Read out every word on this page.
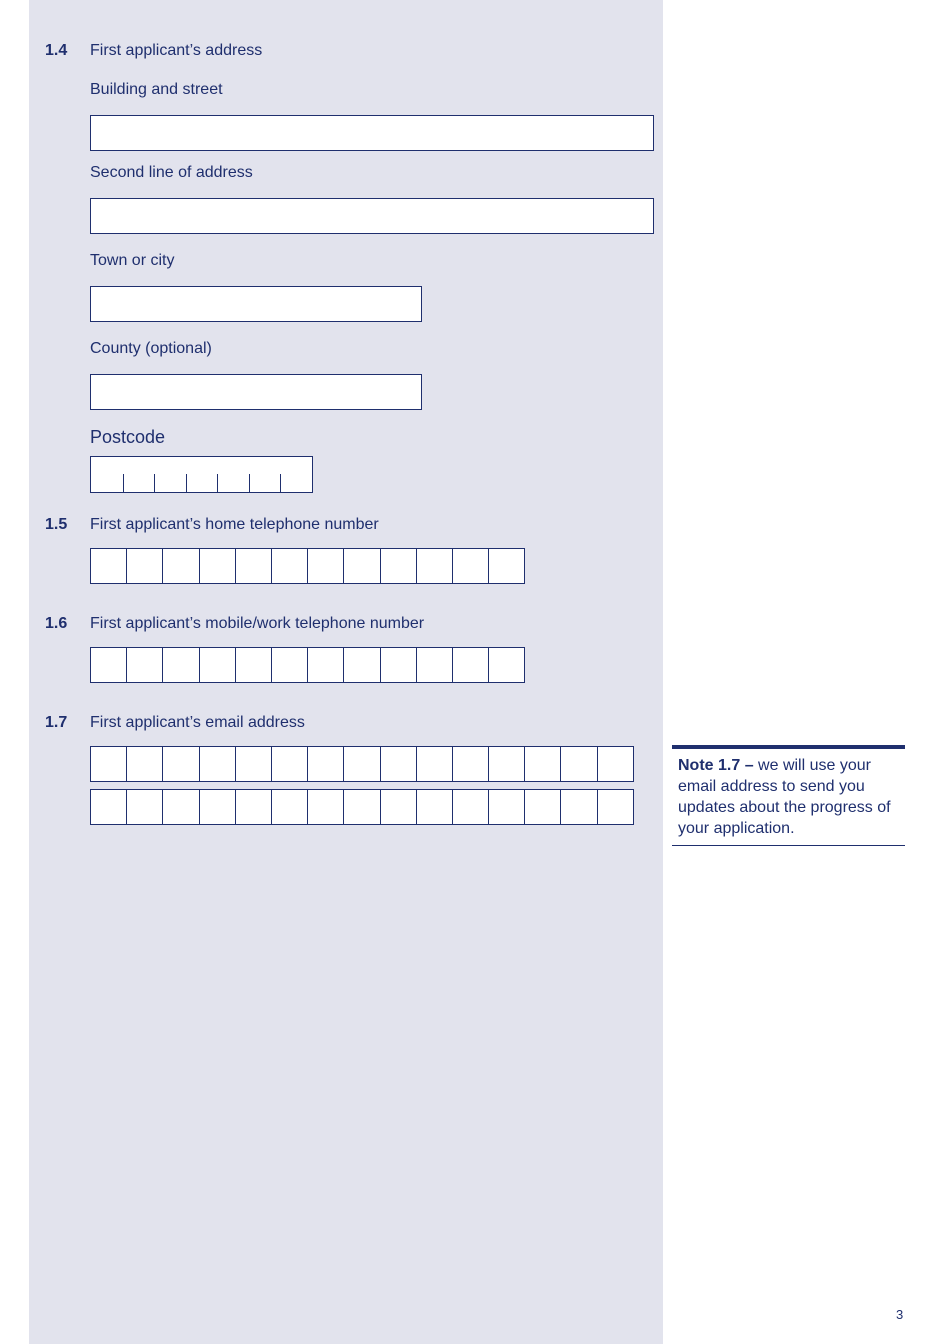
1.4 First applicant’s address
Building and street
Second line of address
Town or city
County (optional)
Postcode
1.5 First applicant’s home telephone number
1.6 First applicant’s mobile/work telephone number
1.7 First applicant’s email address
Note 1.7 – we will use your email address to send you updates about the progress of your application.
3
